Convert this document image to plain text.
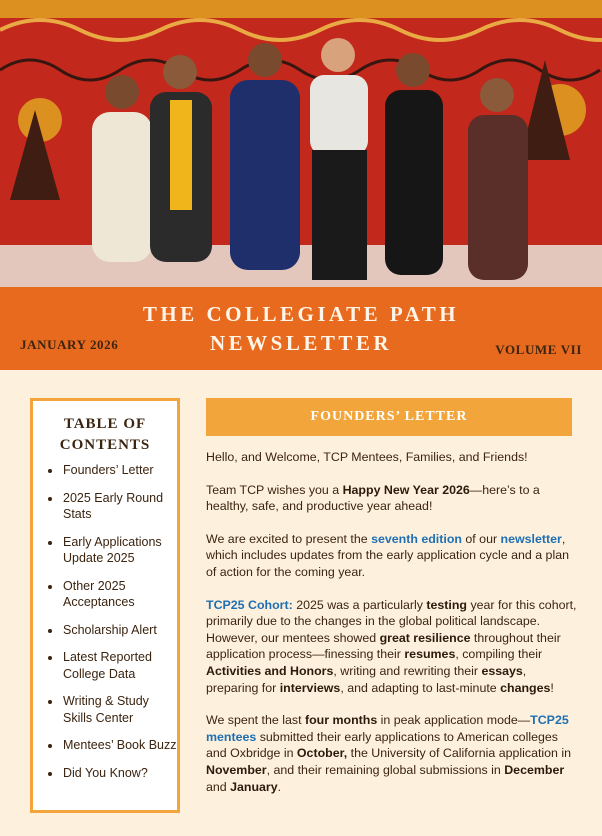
THE COLLEGIATE PATH
NEWSLETTER
JANUARY 2026	VOLUME VII
TABLE OF
CONTENTS
• Founders’ Letter
• 2025 Early Round Stats
• Early Applications Update 2025
• Other 2025 Acceptances
• Scholarship Alert
• Latest Reported College Data
• Writing & Study Skills Center
• Mentees’ Book Buzz
• Did You Know?
FOUNDERS’ LETTER

Hello, and Welcome, TCP Mentees, Families, and Friends!

Team TCP wishes you a Happy New Year 2026—here’s to a healthy, safe, and productive year ahead!

We are excited to present the seventh edition of our newsletter, which includes updates from the early application cycle and a plan of action for the coming year.

TCP25 Cohort: 2025 was a particularly testing year for this cohort, primarily due to the changes in the global political landscape. However, our mentees showed great resilience throughout their application process—finessing their resumes, compiling their Activities and Honors, writing and rewriting their essays, preparing for interviews, and adapting to last-minute changes!

We spent the last four months in peak application mode—TCP25 mentees submitted their early applications to American colleges and Oxbridge in October, the University of California application in November, and their remaining global submissions in December and January.
